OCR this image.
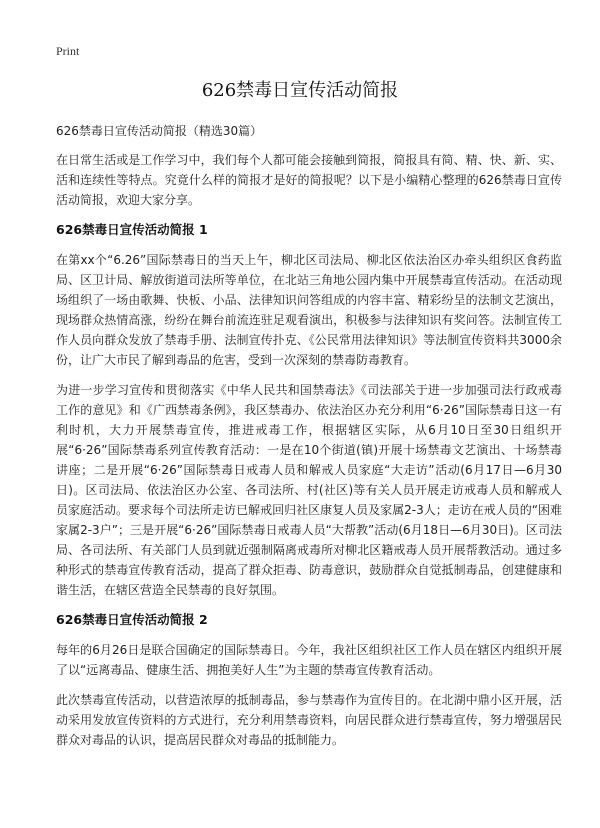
Print
626禁毒日宣传活动简报
626禁毒日宣传活动简报（精选30篇）

在日常生活或是工作学习中，我们每个人都可能会接触到简报，简报具有简、精、快、新、实、活和连续性等特点。究竟什么样的简报才是好的简报呢？以下是小编精心整理的626禁毒日宣传活动简报，欢迎大家分享。

626禁毒日宣传活动简报 1

在第xx个“6.26”国际禁毒日的当天上午，柳北区司法局、柳北区依法治区办牵头组织区食药监局、区卫计局、解放街道司法所等单位，在北站三角地公园内集中开展禁毒宣传活动。在活动现场组织了一场由歌舞、快板、小品、法律知识问答组成的内容丰富、精彩纷呈的法制文艺演出，现场群众热情高涨，纷纷在舞台前流连驻足观看演出，积极参与法律知识有奖问答。法制宣传工作人员向群众发放了禁毒手册、法制宣传扑克、《公民常用法律知识》等法制宣传资料共3000余份，让广大市民了解到毒品的危害，受到一次深刻的禁毒防毒教育。

为进一步学习宣传和贯彻落实《中华人民共和国禁毒法》《司法部关于进一步加强司法行政戒毒工作的意见》和《广西禁毒条例》，我区禁毒办、依法治区办充分利用“6·26”国际禁毒日这一有利时机，大力开展禁毒宣传，推进戒毒工作，根据辖区实际，从6月10日至30日组织开展“6·26”国际禁毒系列宣传教育活动：一是在10个街道(镇)开展十场禁毒文艺演出、十场禁毒讲座；二是开展“6·26”国际禁毒日戒毒人员和解戒人员家庭“大走访”活动(6月17日—6月30日)。区司法局、依法治区办公室、各司法所、村(社区)等有关人员开展走访戒毒人员和解戒人员家庭活动。要求每个司法所走访已解戒回归社区康复人员及家属2-3人；走访在戒人员的“困难家属2-3户”；三是开展“6·26”国际禁毒日戒毒人员“大帮教”活动(6月18日—6月30日)。区司法局、各司法所、有关部门人员到就近强制隔离戒毒所对柳北区籍戒毒人员开展帮教活动。通过多种形式的禁毒宣传教育活动，提高了群众拒毒、防毒意识，鼓励群众自觉抵制毒品，创建健康和谐生活，在辖区营造全民禁毒的良好氛围。

626禁毒日宣传活动简报 2

每年的6月26日是联合国确定的国际禁毒日。今年，我社区组织社区工作人员在辖区内组织开展了以“远离毒品、健康生活、拥抱美好人生”为主题的禁毒宣传教育活动。

此次禁毒宣传活动，以营造浓厚的抵制毒品，参与禁毒作为宣传目的。在北湖中鼎小区开展，活动采用发放宣传资料的方式进行，充分利用禁毒资料，向居民群众进行禁毒宣传，努力增强居民群众对毒品的认识，提高居民群众对毒品的抵制能力。
